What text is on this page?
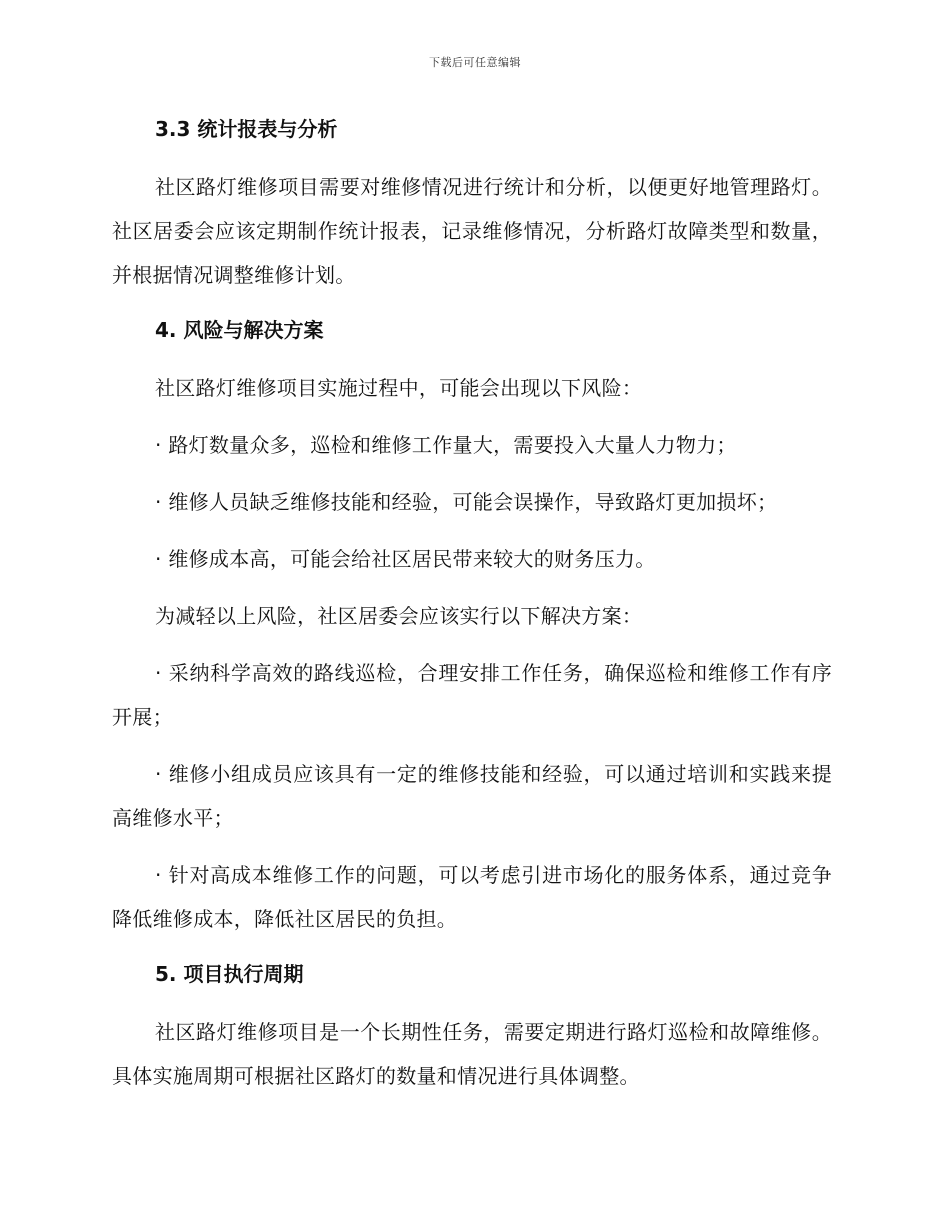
下载后可任意编辑
3.3 统计报表与分析

社区路灯维修项目需要对维修情况进行统计和分析，以便更好地管理路灯。社区居委会应该定期制作统计报表，记录维修情况，分析路灯故障类型和数量，并根据情况调整维修计划。

4. 风险与解决方案

社区路灯维修项目实施过程中，可能会出现以下风险：

· 路灯数量众多，巡检和维修工作量大，需要投入大量人力物力；

· 维修人员缺乏维修技能和经验，可能会误操作，导致路灯更加损坏；

· 维修成本高，可能会给社区居民带来较大的财务压力。

为减轻以上风险，社区居委会应该实行以下解决方案：

· 采纳科学高效的路线巡检，合理安排工作任务，确保巡检和维修工作有序开展；

· 维修小组成员应该具有一定的维修技能和经验，可以通过培训和实践来提高维修水平；

· 针对高成本维修工作的问题，可以考虑引进市场化的服务体系，通过竞争降低维修成本，降低社区居民的负担。

5. 项目执行周期

社区路灯维修项目是一个长期性任务，需要定期进行路灯巡检和故障维修。具体实施周期可根据社区路灯的数量和情况进行具体调整。
